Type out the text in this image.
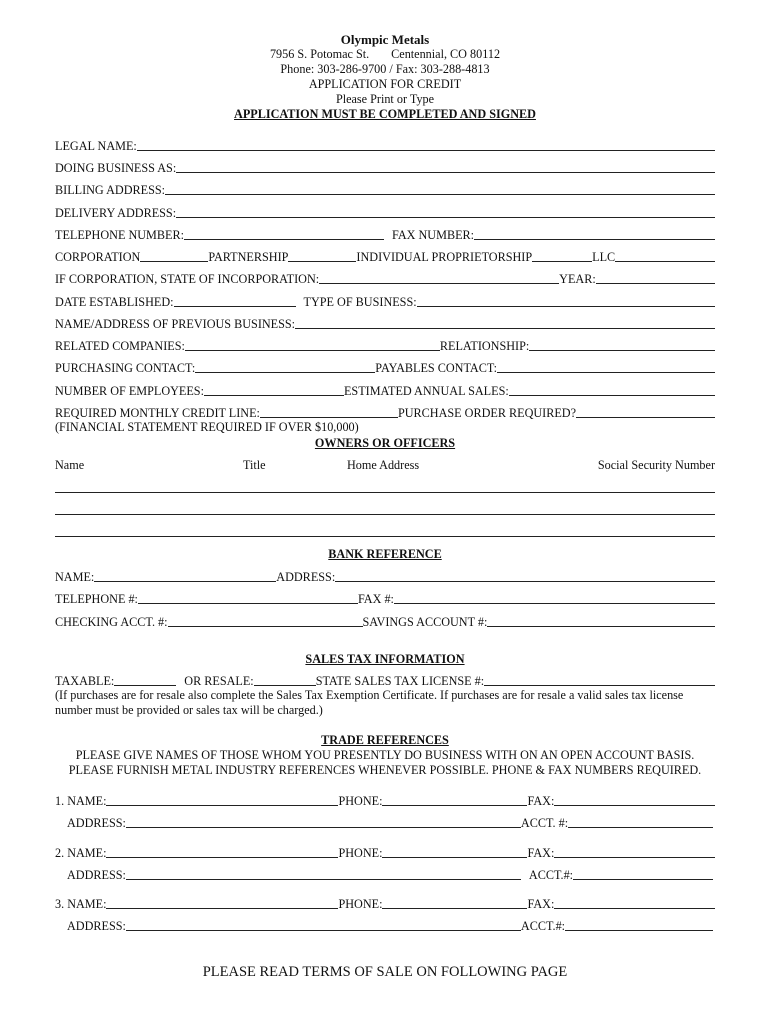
Olympic Metals
7956 S. Potomac St. Centennial, CO 80112
Phone: 303-286-9700 / Fax: 303-288-4813
APPLICATION FOR CREDIT
Please Print or Type
APPLICATION MUST BE COMPLETED AND SIGNED
LEGAL NAME:
DOING BUSINESS AS:
BILLING ADDRESS:
DELIVERY ADDRESS:
TELEPHONE NUMBER:	FAX NUMBER:
CORPORATION	PARTNERSHIP	INDIVIDUAL PROPRIETORSHIP	LLC
IF CORPORATION, STATE OF INCORPORATION:	YEAR:
DATE ESTABLISHED:	TYPE OF BUSINESS:
NAME/ADDRESS OF PREVIOUS BUSINESS:
RELATED COMPANIES:	RELATIONSHIP:
PURCHASING CONTACT:	PAYABLES CONTACT:
NUMBER OF EMPLOYEES:	ESTIMATED ANNUAL SALES:
REQUIRED MONTHLY CREDIT LINE:	PURCHASE ORDER REQUIRED?
(FINANCIAL STATEMENT REQUIRED IF OVER $10,000)
OWNERS OR OFFICERS
Name	Title	Home Address	Social Security Number
BANK REFERENCE
NAME:	ADDRESS:
TELEPHONE #:	FAX #:
CHECKING ACCT. #:	SAVINGS ACCOUNT #:
SALES TAX INFORMATION
TAXABLE:	OR RESALE:	STATE SALES TAX LICENSE #:
(If purchases are for resale also complete the Sales Tax Exemption Certificate. If purchases are for resale a valid sales tax license
number must be provided or sales tax will be charged.)
TRADE REFERENCES
PLEASE GIVE NAMES OF THOSE WHOM YOU PRESENTLY DO BUSINESS WITH ON AN OPEN ACCOUNT BASIS.
PLEASE FURNISH METAL INDUSTRY REFERENCES WHENEVER POSSIBLE. PHONE & FAX NUMBERS REQUIRED.
1. NAME:	PHONE:	FAX:
ADDRESS:	ACCT. #:
2. NAME:	PHONE:	FAX:
ADDRESS:	ACCT.#:
3. NAME:	PHONE:	FAX:
ADDRESS:	ACCT.#:
PLEASE READ TERMS OF SALE ON FOLLOWING PAGE
